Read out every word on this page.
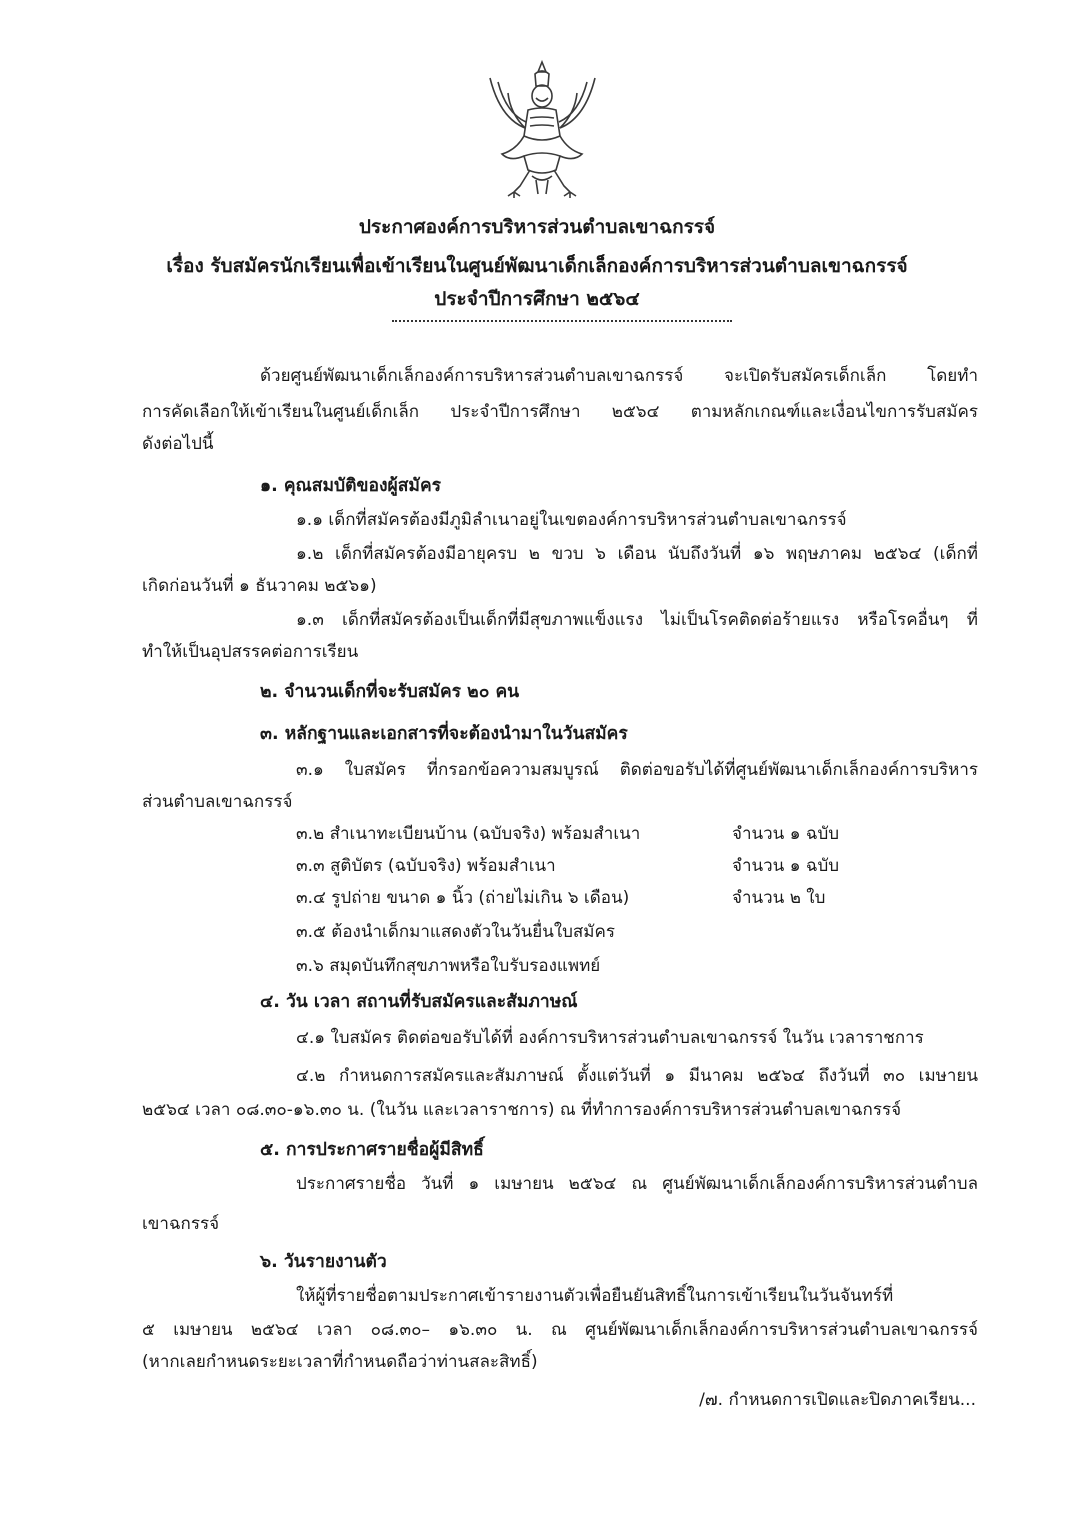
ประกาศองค์การบริหารส่วนตำบลเขาฉกรรจ์
เรื่อง รับสมัครนักเรียนเพื่อเข้าเรียนในศูนย์พัฒนาเด็กเล็กองค์การบริหารส่วนตำบลเขาฉกรรจ์
ประจำปีการศึกษา ๒๕๖๔
ด้วยศูนย์พัฒนาเด็กเล็กองค์การบริหารส่วนตำบลเขาฉกรรจ์ จะเปิดรับสมัครเด็กเล็ก โดยทำ
การคัดเลือกให้เข้าเรียนในศูนย์เด็กเล็ก ประจำปีการศึกษา ๒๕๖๔ ตามหลักเกณฑ์และเงื่อนไขการรับสมัคร
ดังต่อไปนี้
๑. คุณสมบัติของผู้สมัคร
๑.๑ เด็กที่สมัครต้องมีภูมิลำเนาอยู่ในเขตองค์การบริหารส่วนตำบลเขาฉกรรจ์
๑.๒ เด็กที่สมัครต้องมีอายุครบ ๒ ขวบ ๖ เดือน นับถึงวันที่ ๑๖ พฤษภาคม ๒๕๖๔ (เด็กที่
เกิดก่อนวันที่ ๑ ธันวาคม ๒๕๖๑)
๑.๓ เด็กที่สมัครต้องเป็นเด็กที่มีสุขภาพแข็งแรง ไม่เป็นโรคติดต่อร้ายแรง หรือโรคอื่นๆ ที่
ทำให้เป็นอุปสรรคต่อการเรียน
๒. จำนวนเด็กที่จะรับสมัคร ๒๐ คน
๓. หลักฐานและเอกสารที่จะต้องนำมาในวันสมัคร
๓.๑ ใบสมัคร ที่กรอกข้อความสมบูรณ์ ติดต่อขอรับได้ที่ศูนย์พัฒนาเด็กเล็กองค์การบริหาร
ส่วนตำบลเขาฉกรรจ์
๓.๒ สำเนาทะเบียนบ้าน (ฉบับจริง) พร้อมสำเนา	จำนวน ๑ ฉบับ
๓.๓ สูติบัตร (ฉบับจริง) พร้อมสำเนา	จำนวน ๑ ฉบับ
๓.๔ รูปถ่าย ขนาด ๑ นิ้ว (ถ่ายไม่เกิน ๖ เดือน)	จำนวน ๒ ใบ
๓.๕ ต้องนำเด็กมาแสดงตัวในวันยื่นใบสมัคร
๓.๖ สมุดบันทึกสุขภาพหรือใบรับรองแพทย์
๔. วัน เวลา สถานที่รับสมัครและสัมภาษณ์
๔.๑ ใบสมัคร ติดต่อขอรับได้ที่ องค์การบริหารส่วนตำบลเขาฉกรรจ์ ในวัน เวลาราชการ
๔.๒ กำหนดการสมัครและสัมภาษณ์ ตั้งแต่วันที่ ๑ มีนาคม ๒๕๖๔ ถึงวันที่ ๓๐ เมษายน
๒๕๖๔ เวลา ๐๘.๓๐-๑๖.๓๐ น. (ในวัน และเวลาราชการ) ณ ที่ทำการองค์การบริหารส่วนตำบลเขาฉกรรจ์
๕. การประกาศรายชื่อผู้มีสิทธิ์
ประกาศรายชื่อ วันที่ ๑ เมษายน ๒๕๖๔ ณ ศูนย์พัฒนาเด็กเล็กองค์การบริหารส่วนตำบล
เขาฉกรรจ์
๖. วันรายงานตัว
ให้ผู้ที่รายชื่อตามประกาศเข้ารายงานตัวเพื่อยืนยันสิทธิ์ในการเข้าเรียนในวันจันทร์ที่
๕ เมษายน ๒๕๖๔ เวลา ๐๘.๓๐– ๑๖.๓๐ น. ณ ศูนย์พัฒนาเด็กเล็กองค์การบริหารส่วนตำบลเขาฉกรรจ์
(หากเลยกำหนดระยะเวลาที่กำหนดถือว่าท่านสละสิทธิ์)
/๗. กำหนดการเปิดและปิดภาคเรียน...
